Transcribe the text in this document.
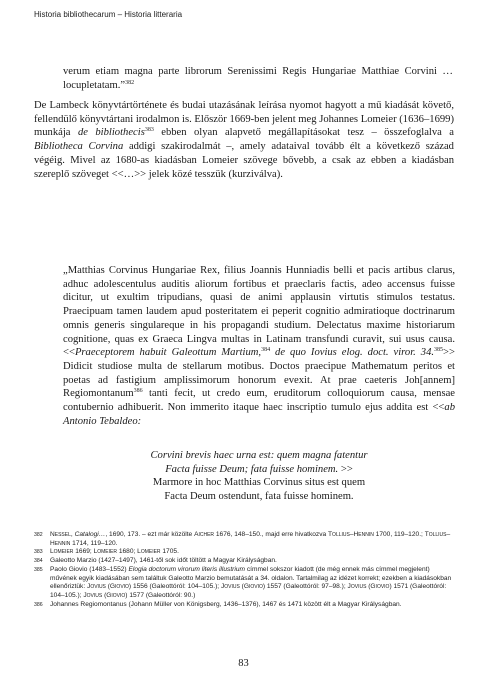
Historia bibliothecarum – Historia litteraria
verum etiam magna parte librorum Serenissimi Regis Hungariae Matthiae Corvini … locupletatam.”$^{382}$
De Lambeck könyvtártörténete és budai utazásának leírása nyomot hagyott a mű kiadását követő, fellendülő könyvtártani irodalmon is. Először 1669-ben jelent meg Johannes Lomeier (1636–1699) munkája de bibliothecis$^{383}$ ebben olyan alapvető megállapításokat tesz – összefoglalva a Bibliotheca Corvina addigi szakirodalmát –, amely adataival tovább élt a következő század végéig. Mivel az 1680-as kiadásban Lomeier szövege bővebb, a csak az ebben a kiadásban szereplő szöveget <<…>> jelek közé tesszük (kurziválva).
„Matthias Corvinus Hungariae Rex, filius Joannis Hunniadis belli et pacis artibus clarus, adhuc adolescentulus auditis aliorum fortibus et praeclaris factis, adeo accensus fuisse dicitur, ut exultim tripudians, quasi de animi applausin virtutis stimulos testatus. Praecipuam tamen laudem apud posteritatem ei peperit cognitio admiratioque doctrinarum omnis generis singulareque in his propagandi studium. Delectatus maxime historiarum cognitione, quas ex Graeca Lingva multas in Latinam transfundi curavit, sui usus causa. <<Praeceptorem habuit Galeottum Martium,$^{384}$ de quo Iovius elog. doct. viror. 34.$^{385}$>> Didicit studiose multa de stellarum motibus. Doctos praecipue Mathematum peritos et poetas ad fastigium amplissimorum honorum evexit. At prae caeteris Joh[annem] Regiomontanum$^{386}$ tanti fecit, ut credo eum, eruditorum colloquiorum causa, mensae contubernio adhibuerit. Non immerito itaque haec inscriptio tumulo ejus addita est <<ab Antonio Tebaldeo:
Corvini brevis haec urna est: quem magna fatentur
Facta fuisse Deum; fata fuisse hominem. >>
Marmore in hoc Matthias Corvinus situs est quem
Facta Deum ostendunt, fata fuisse hominem.
382 Nessel, Catalogi…, 1690, 173. – ezt már közölte Aicher 1676, 148–150., majd erre hivatkozva Tollius–Hennin 1700, 119–120.; Tollius–Hennin 1714, 119–120.
383 Lomeier 1669; Lomeier 1680; Lomeier 1705.
384 Galeotto Marzio (1427–1497), 1461-től sok időt töltött a Magyar Királyságban.
385 Paolo Giovio (1483–1552) Elogia doctorum virorum literis illustrium címmel sokszor kiadott (de még ennek más címmel megjelent) művének egyik kiadásában sem találtuk Galeotto Marzio bemutatását a 34. oldalon. Tartalmilag az idézet korrekt; ezekben a kiadásokban ellenőriztük: Jovius (Giovio) 1556 (Galeottóról: 104–105.); Jovius (Giovio) 1557 (Galeottóról: 97–98.); Jovius (Giovio) 1571 (Galeottóról: 104–105.); Jovius (Giovio) 1577 (Galeottóról: 90.)
386 Johannes Regiomontanus (Johann Müller von Königsberg, 1436–1376), 1467 és 1471 között élt a Magyar Királyságban.
83
